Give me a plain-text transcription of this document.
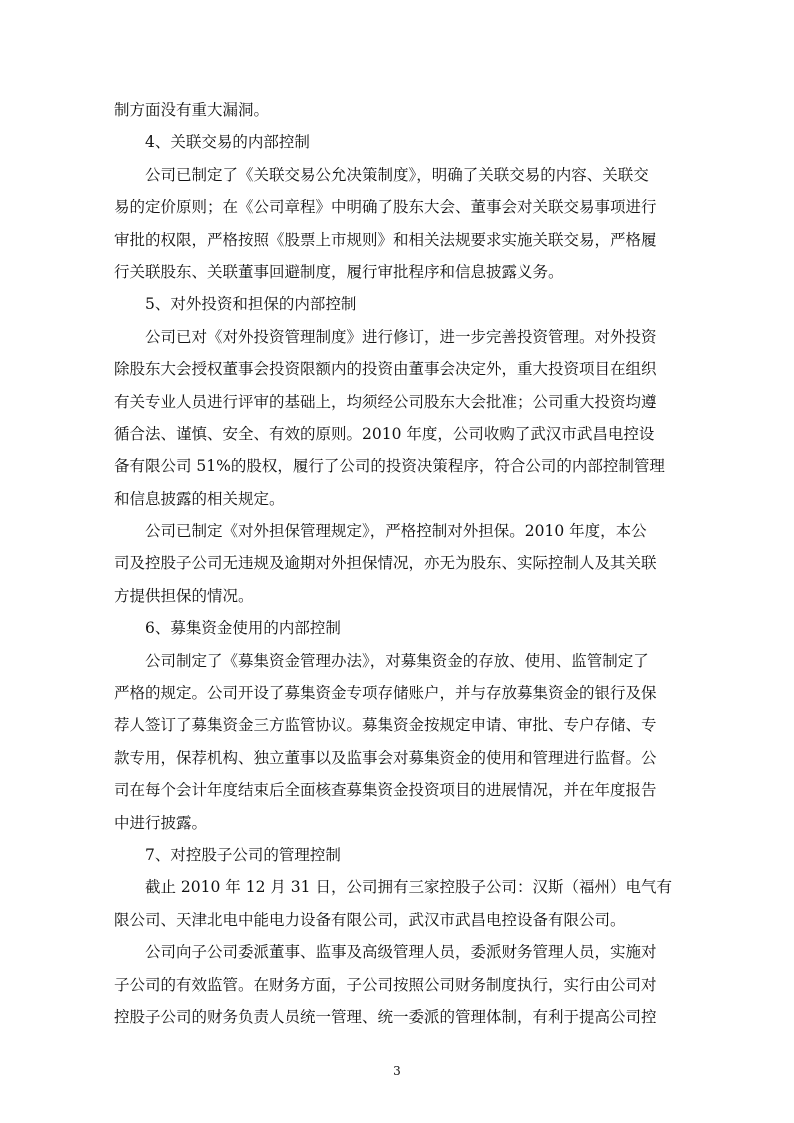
制方面没有重大漏洞。
4、关联交易的内部控制
公司已制定了《关联交易公允决策制度》，明确了关联交易的内容、关联交
易的定价原则；在《公司章程》中明确了股东大会、董事会对关联交易事项进行
审批的权限，严格按照《股票上市规则》和相关法规要求实施关联交易，严格履
行关联股东、关联董事回避制度，履行审批程序和信息披露义务。
5、对外投资和担保的内部控制
公司已对《对外投资管理制度》进行修订，进一步完善投资管理。对外投资
除股东大会授权董事会投资限额内的投资由董事会决定外，重大投资项目在组织
有关专业人员进行评审的基础上，均须经公司股东大会批准；公司重大投资均遵
循合法、谨慎、安全、有效的原则。2010 年度，公司收购了武汉市武昌电控设
备有限公司 51%的股权，履行了公司的投资决策程序，符合公司的内部控制管理
和信息披露的相关规定。
公司已制定《对外担保管理规定》，严格控制对外担保。2010 年度，本公
司及控股子公司无违规及逾期对外担保情况，亦无为股东、实际控制人及其关联
方提供担保的情况。
6、募集资金使用的内部控制
公司制定了《募集资金管理办法》，对募集资金的存放、使用、监管制定了
严格的规定。公司开设了募集资金专项存储账户，并与存放募集资金的银行及保
荐人签订了募集资金三方监管协议。募集资金按规定申请、审批、专户存储、专
款专用，保荐机构、独立董事以及监事会对募集资金的使用和管理进行监督。公
司在每个会计年度结束后全面核查募集资金投资项目的进展情况，并在年度报告
中进行披露。
7、对控股子公司的管理控制
截止 2010 年 12 月 31 日，公司拥有三家控股子公司：汉斯（福州）电气有
限公司、天津北电中能电力设备有限公司，武汉市武昌电控设备有限公司。
公司向子公司委派董事、监事及高级管理人员，委派财务管理人员，实施对
子公司的有效监管。在财务方面，子公司按照公司财务制度执行，实行由公司对
控股子公司的财务负责人员统一管理、统一委派的管理体制，有利于提高公司控
3
